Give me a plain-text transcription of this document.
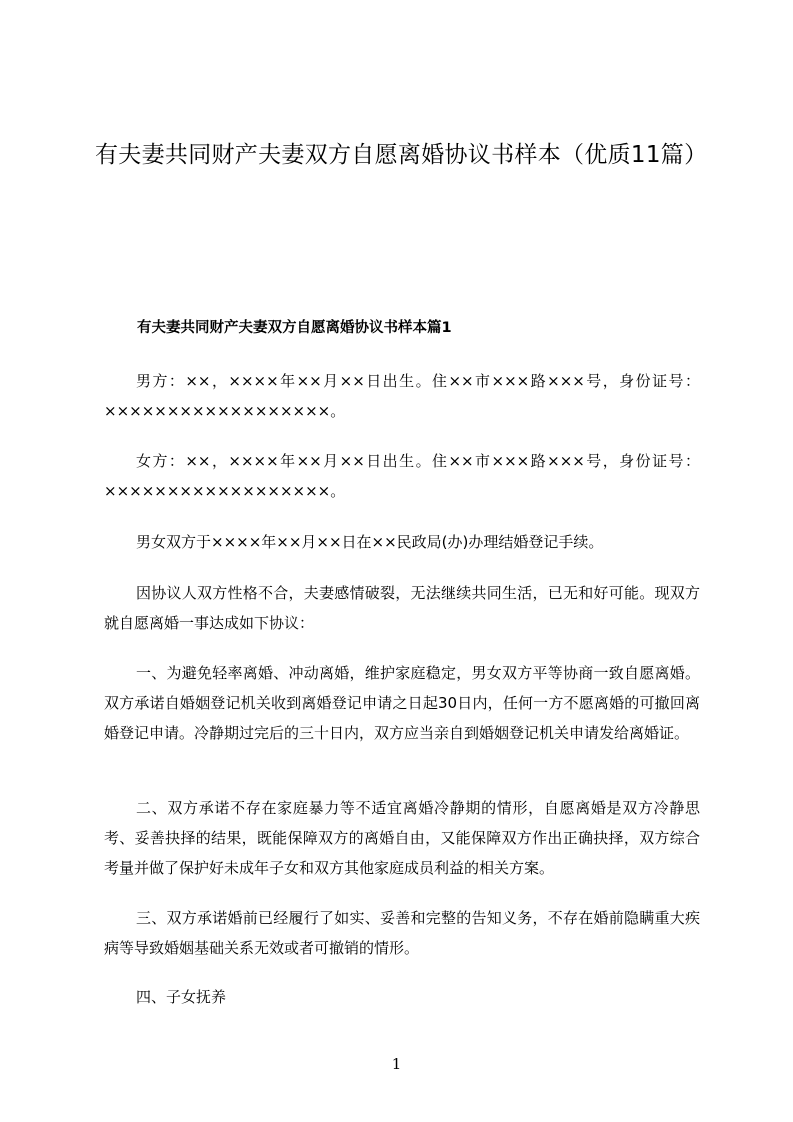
有夫妻共同财产夫妻双方自愿离婚协议书样本（优质11篇）
有夫妻共同财产夫妻双方自愿离婚协议书样本篇1

男方：××，××××年××月××日出生。住××市×××路×××号，身份证号：××××××××××××××××××。

女方：××，××××年××月××日出生。住××市×××路×××号，身份证号：××××××××××××××××××。

男女双方于××××年××月××日在××民政局(办)办理结婚登记手续。

因协议人双方性格不合，夫妻感情破裂，无法继续共同生活，已无和好可能。现双方就自愿离婚一事达成如下协议：

一、为避免轻率离婚、冲动离婚，维护家庭稳定，男女双方平等协商一致自愿离婚。双方承诺自婚姻登记机关收到离婚登记申请之日起30日内，任何一方不愿离婚的可撤回离婚登记申请。冷静期过完后的三十日内，双方应当亲自到婚姻登记机关申请发给离婚证。

二、双方承诺不存在家庭暴力等不适宜离婚冷静期的情形，自愿离婚是双方冷静思考、妥善抉择的结果，既能保障双方的离婚自由，又能保障双方作出正确抉择，双方综合考量并做了保护好未成年子女和双方其他家庭成员利益的相关方案。

三、双方承诺婚前已经履行了如实、妥善和完整的告知义务，不存在婚前隐瞒重大疾病等导致婚姻基础关系无效或者可撤销的情形。

四、子女抚养

1
